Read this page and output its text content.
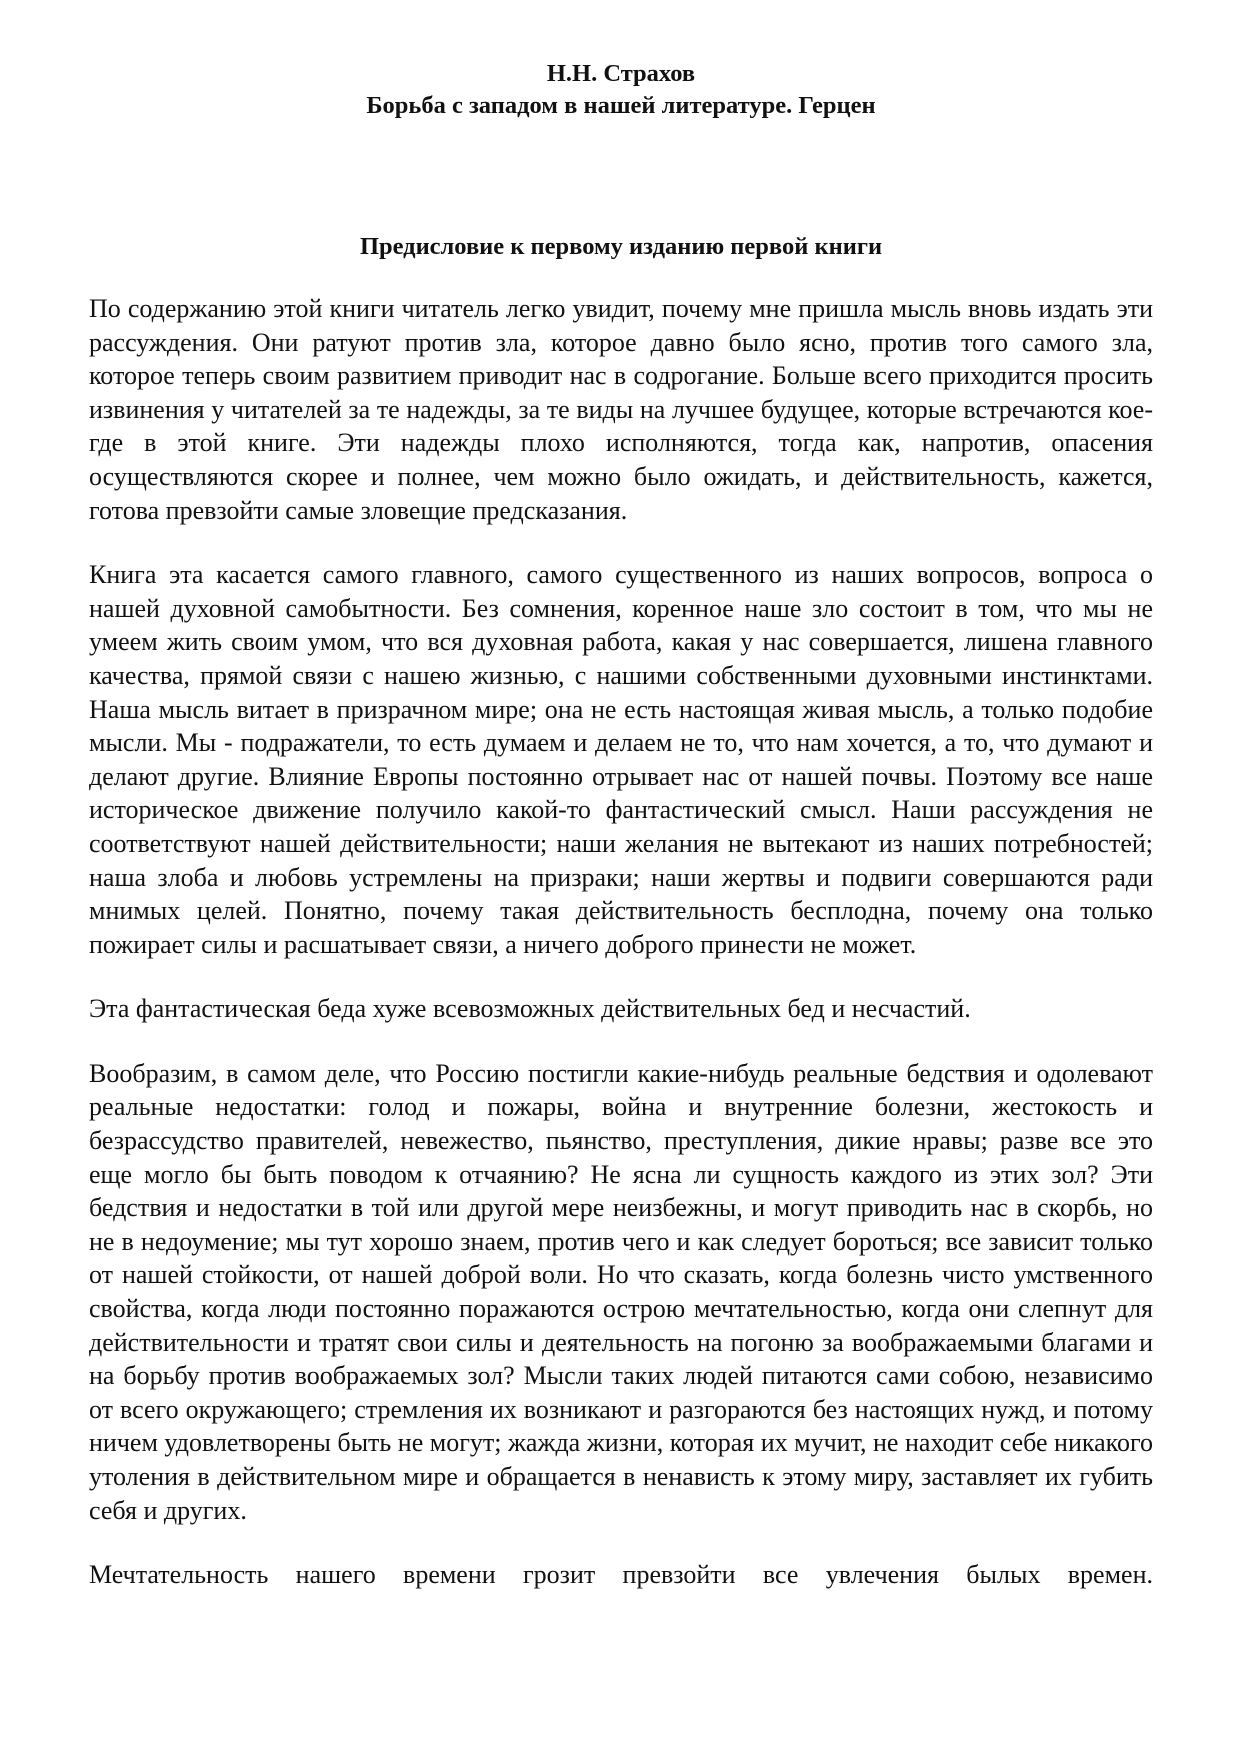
Н.Н. Страхов

Борьба с западом в нашей литературе. Герцен

Предисловие к первому изданию первой книги

По содержанию этой книги читатель легко увидит, почему мне пришла мысль вновь издать эти рассуждения. Они ратуют против зла, которое давно было ясно, против того самого зла, которое теперь своим развитием приводит нас в содрогание. Больше всего приходится просить извинения у читателей за те надежды, за те виды на лучшее будущее, которые встречаются кое-где в этой книге. Эти надежды плохо исполняются, тогда как, напротив, опасения осуществляются скорее и полнее, чем можно было ожидать, и действительность, кажется, готова превзойти самые зловещие предсказания.

Книга эта касается самого главного, самого существенного из наших вопросов, вопроса о нашей духовной самобытности. Без сомнения, коренное наше зло состоит в том, что мы не умеем жить своим умом, что вся духовная работа, какая у нас совершается, лишена главного качества, прямой связи с нашею жизнью, с нашими собственными духовными инстинктами. Наша мысль витает в призрачном мире; она не есть настоящая живая мысль, а только подобие мысли. Мы - подражатели, то есть думаем и делаем не то, что нам хочется, а то, что думают и делают другие. Влияние Европы постоянно отрывает нас от нашей почвы. Поэтому все наше историческое движение получило какой-то фантастический смысл. Наши рассуждения не соответствуют нашей действительности; наши желания не вытекают из наших потребностей; наша злоба и любовь устремлены на призраки; наши жертвы и подвиги совершаются ради мнимых целей. Понятно, почему такая действительность бесплодна, почему она только пожирает силы и расшатывает связи, а ничего доброго принести не может.

Эта фантастическая беда хуже всевозможных действительных бед и несчастий.

Вообразим, в самом деле, что Россию постигли какие-нибудь реальные бедствия и одолевают реальные недостатки: голод и пожары, война и внутренние болезни, жестокость и безрассудство правителей, невежество, пьянство, преступления, дикие нравы; разве все это еще могло бы быть поводом к отчаянию? Не ясна ли сущность каждого из этих зол? Эти бедствия и недостатки в той или другой мере неизбежны, и могут приводить нас в скорбь, но не в недоумение; мы тут хорошо знаем, против чего и как следует бороться; все зависит только от нашей стойкости, от нашей доброй воли. Но что сказать, когда болезнь чисто умственного свойства, когда люди постоянно поражаются острою мечтательностью, когда они слепнут для действительности и тратят свои силы и деятельность на погоню за воображаемыми благами и на борьбу против воображаемых зол? Мысли таких людей питаются сами собою, независимо от всего окружающего; стремления их возникают и разгораются без настоящих нужд, и потому ничем удовлетворены быть не могут; жажда жизни, которая их мучит, не находит себе никакого утоления в действительном мире и обращается в ненависть к этому миру, заставляет их губить себя и других.

Мечтательность нашего времени грозит превзойти все увлечения былых времен.
